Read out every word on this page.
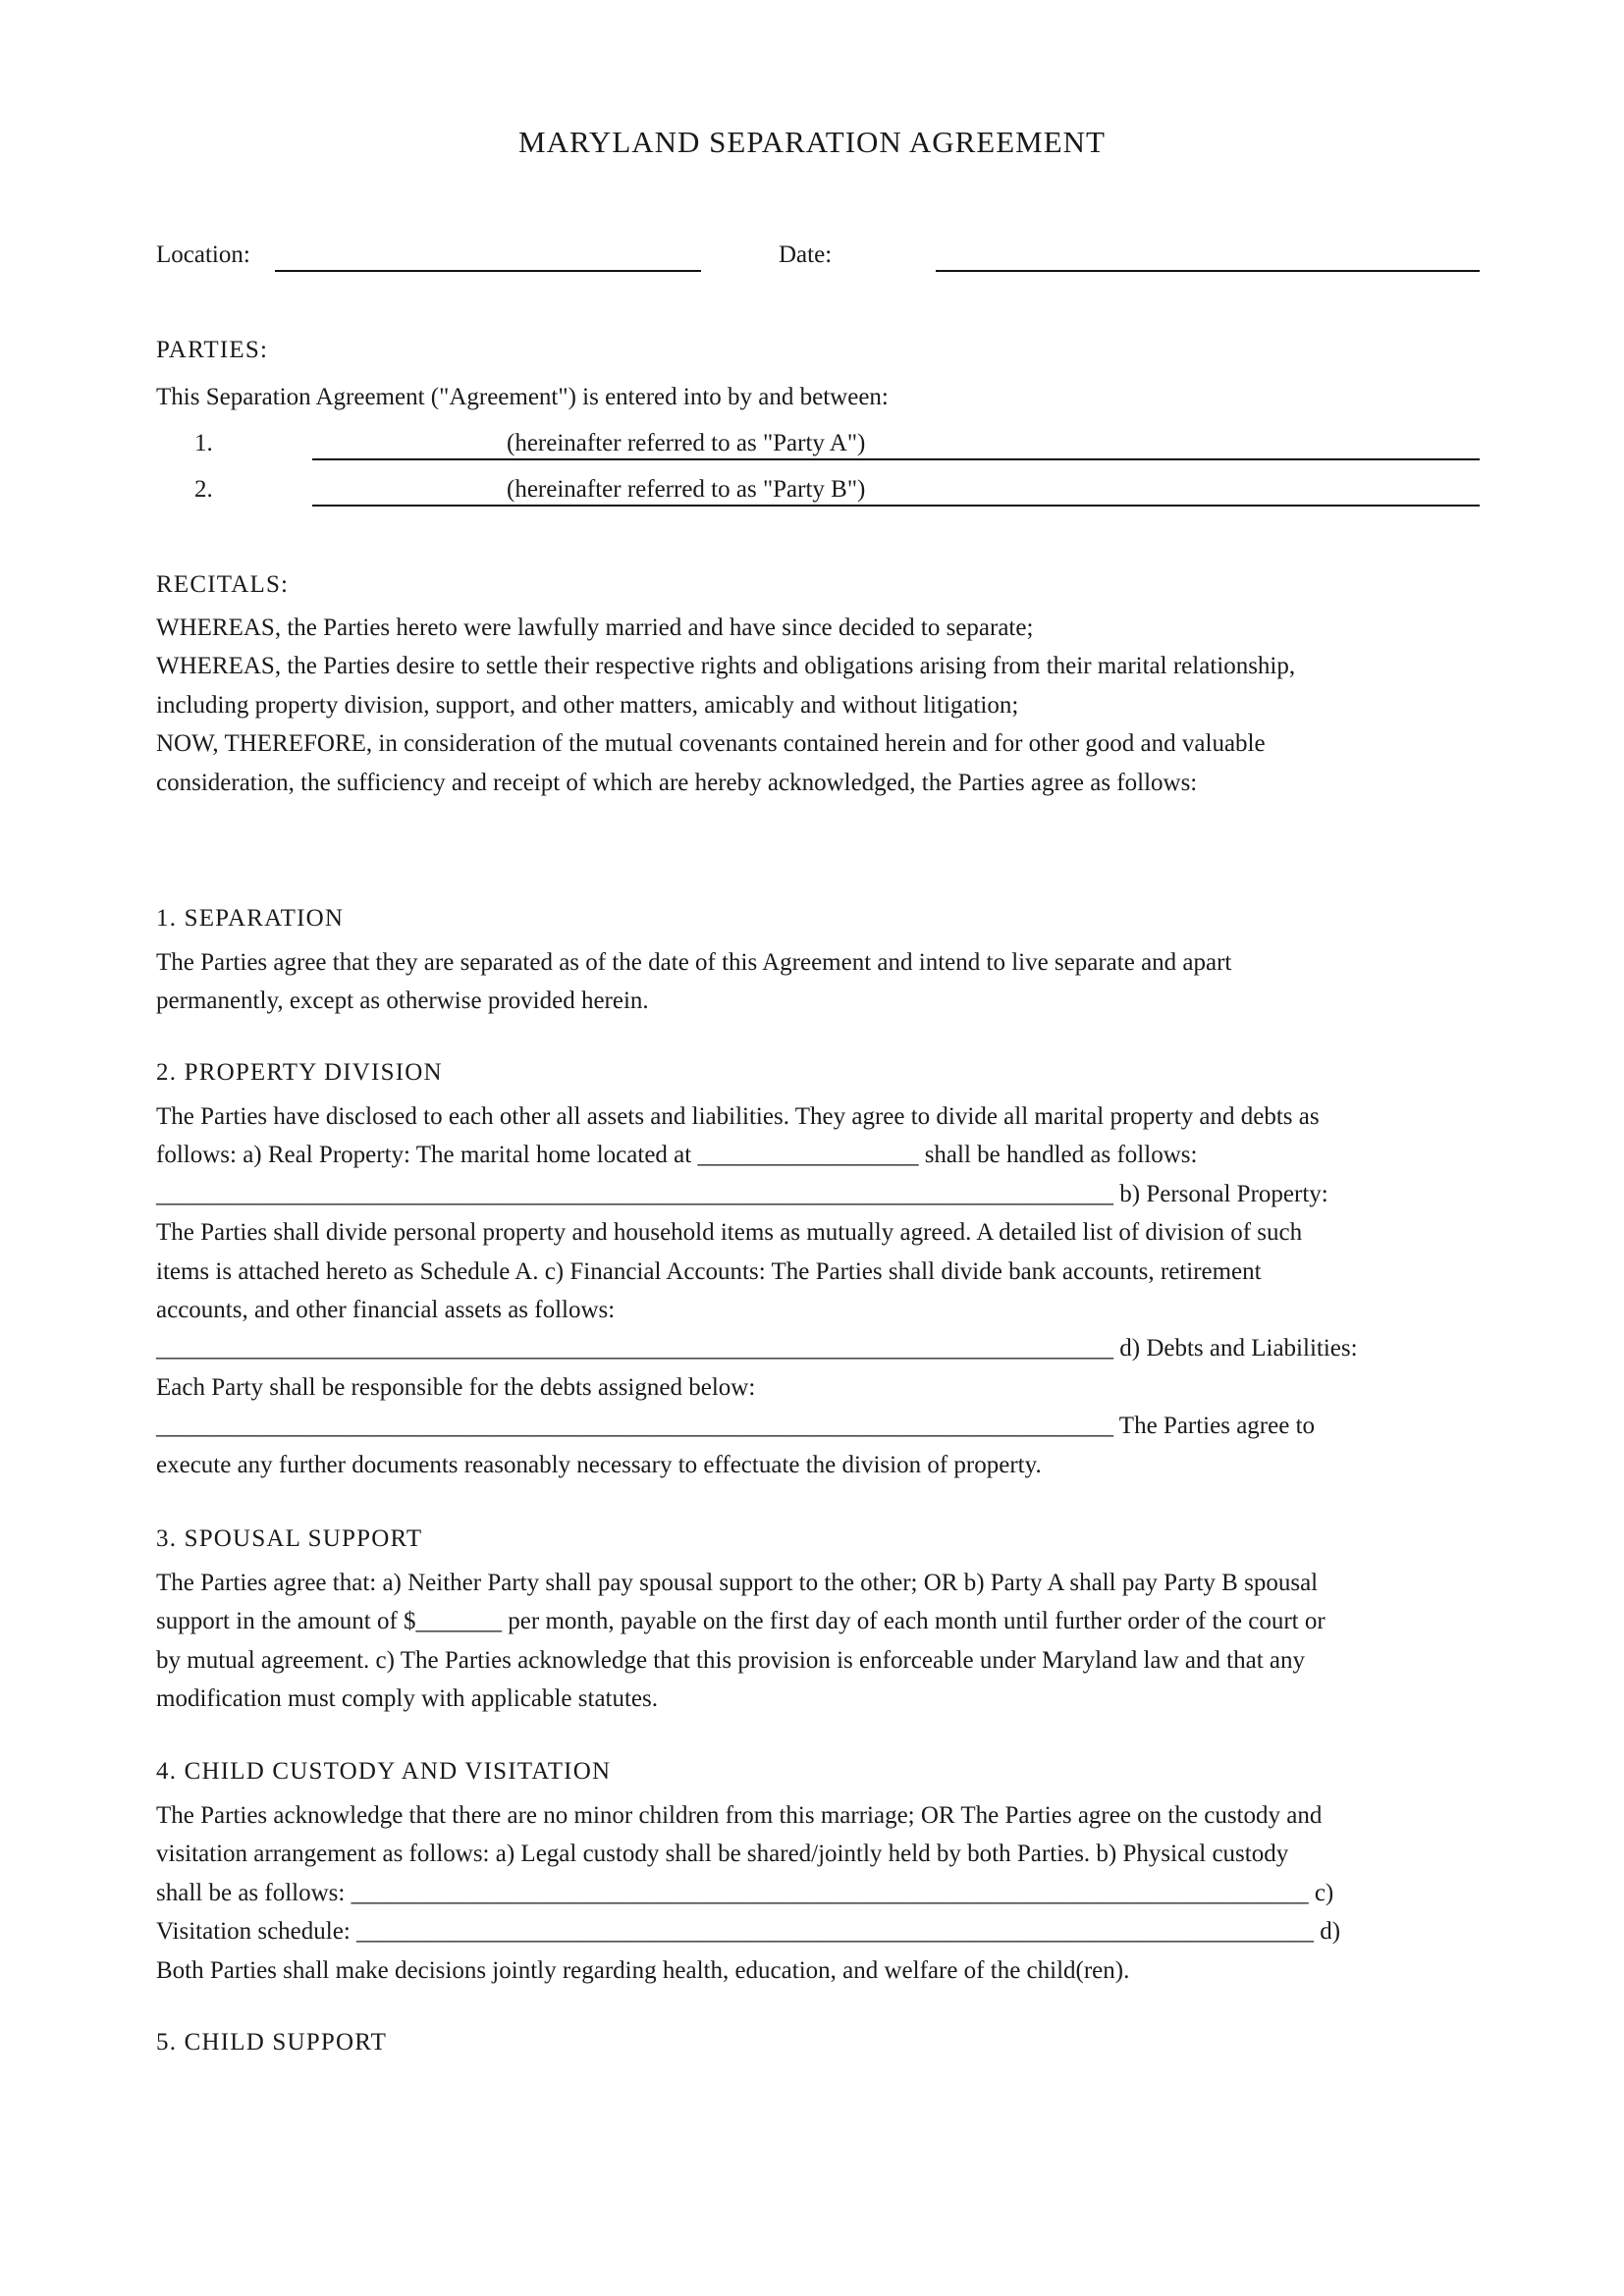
MARYLAND SEPARATION AGREEMENT
Location:	Date:
PARTIES:
This Separation Agreement ("Agreement") is entered into by and between:
1.	(hereinafter referred to as "Party A")
2.	(hereinafter referred to as "Party B")
RECITALS:
WHEREAS, the Parties hereto were lawfully married and have since decided to separate;
WHEREAS, the Parties desire to settle their respective rights and obligations arising from their marital relationship,
including property division, support, and other matters, amicably and without litigation;
NOW, THEREFORE, in consideration of the mutual covenants contained herein and for other good and valuable
consideration, the sufficiency and receipt of which are hereby acknowledged, the Parties agree as follows:
1. SEPARATION
The Parties agree that they are separated as of the date of this Agreement and intend to live separate and apart
permanently, except as otherwise provided herein.
2. PROPERTY DIVISION
The Parties have disclosed to each other all assets and liabilities. They agree to divide all marital property and debts as
follows: a) Real Property: The marital home located at __________________ shall be handled as follows:
______________________________________________________________________________ b) Personal Property:
The Parties shall divide personal property and household items as mutually agreed. A detailed list of division of such
items is attached hereto as Schedule A. c) Financial Accounts: The Parties shall divide bank accounts, retirement
accounts, and other financial assets as follows:
______________________________________________________________________________ d) Debts and Liabilities:
Each Party shall be responsible for the debts assigned below:
______________________________________________________________________________ The Parties agree to
execute any further documents reasonably necessary to effectuate the division of property.
3. SPOUSAL SUPPORT
The Parties agree that: a) Neither Party shall pay spousal support to the other; OR b) Party A shall pay Party B spousal
support in the amount of $_______ per month, payable on the first day of each month until further order of the court or
by mutual agreement. c) The Parties acknowledge that this provision is enforceable under Maryland law and that any
modification must comply with applicable statutes.
4. CHILD CUSTODY AND VISITATION
The Parties acknowledge that there are no minor children from this marriage; OR The Parties agree on the custody and
visitation arrangement as follows: a) Legal custody shall be shared/jointly held by both Parties. b) Physical custody
shall be as follows: ______________________________________________________________________________ c)
Visitation schedule: ______________________________________________________________________________ d)
Both Parties shall make decisions jointly regarding health, education, and welfare of the child(ren).
5. CHILD SUPPORT
